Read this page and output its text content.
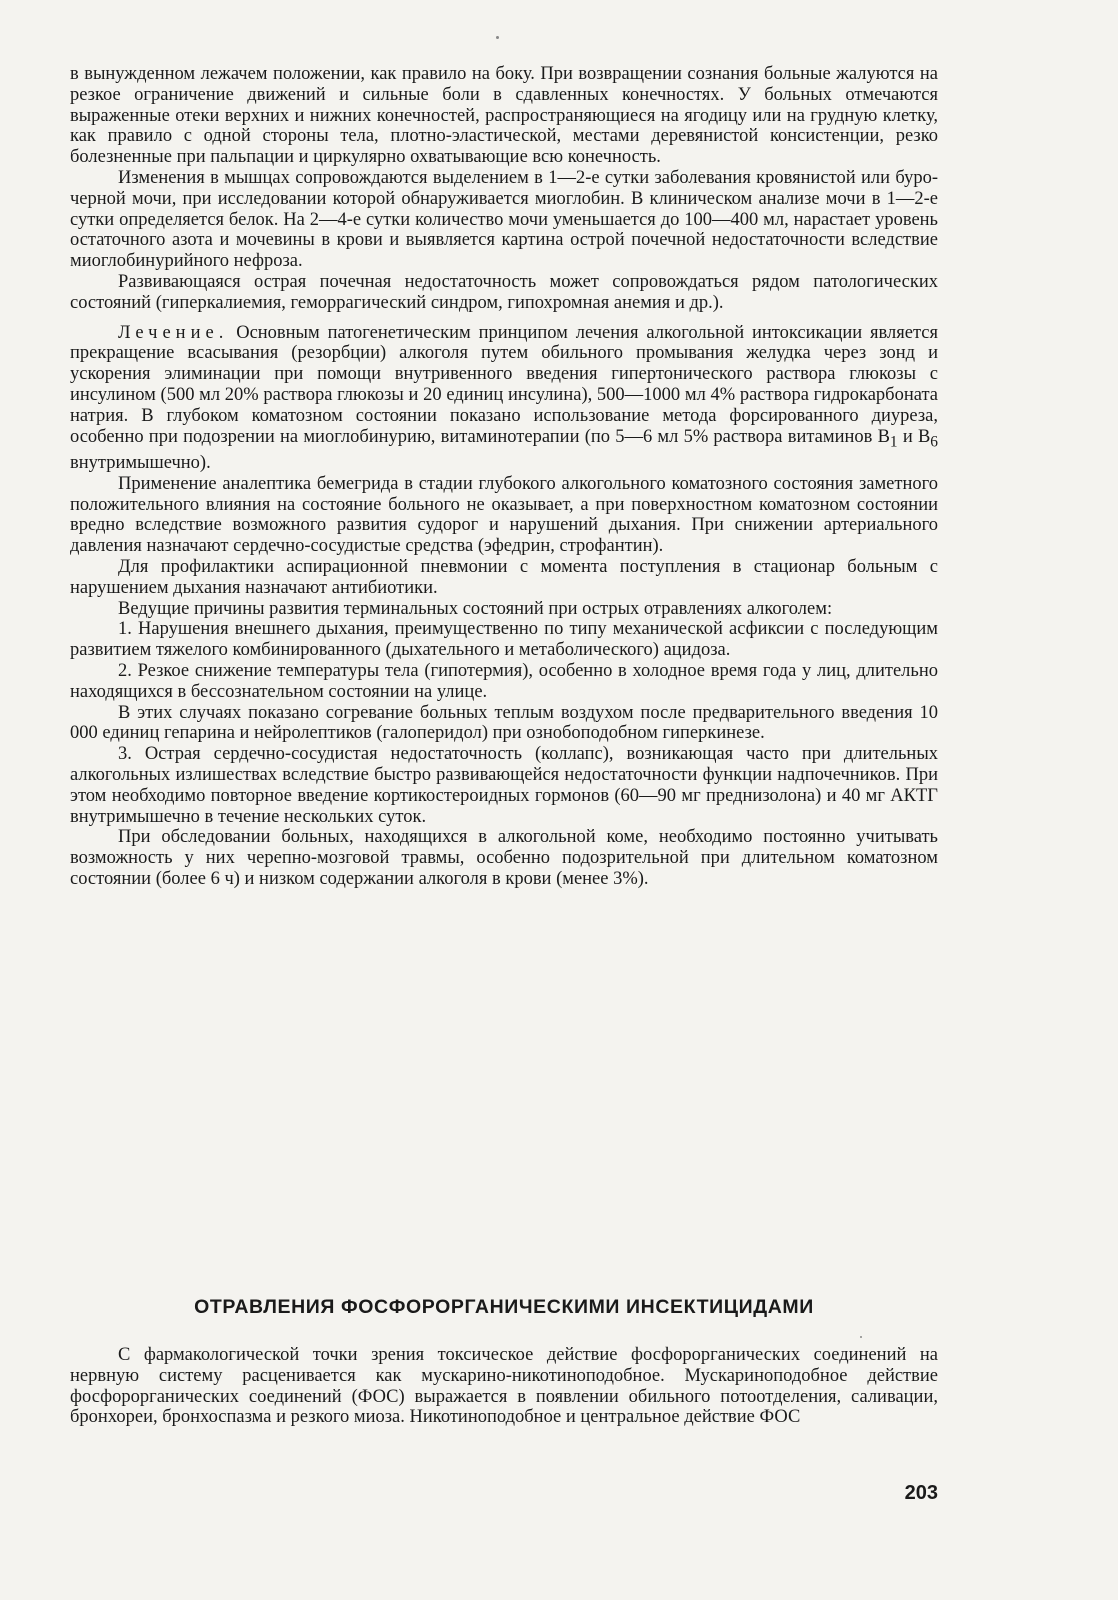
в вынужденном лежачем положении, как правило на боку. При возвращении сознания больные жалуются на резкое ограничение движений и сильные боли в сдавленных конечностях. У больных отмечаются выраженные отеки верхних и нижних конечностей, распространяющиеся на ягодицу или на грудную клетку, как правило с одной стороны тела, плотно-эластической, местами деревянистой консистенции, резко болезненные при пальпации и циркулярно охватывающие всю конечность.

Изменения в мышцах сопровождаются выделением в 1—2-е сутки заболевания кровянистой или буро-черной мочи, при исследовании которой обнаруживается миоглобин. В клиническом анализе мочи в 1—2-е сутки определяется белок. На 2—4-е сутки количество мочи уменьшается до 100—400 мл, нарастает уровень остаточного азота и мочевины в крови и выявляется картина острой почечной недостаточности вследствие миоглобинурийного нефроза.

Развивающаяся острая почечная недостаточность может сопровождаться рядом патологических состояний (гиперкалиемия, геморрагический синдром, гипохромная анемия и др.).

Лечение. Основным патогенетическим принципом лечения алкогольной интоксикации является прекращение всасывания (резорбции) алкоголя путем обильного промывания желудка через зонд и ускорения элиминации при помощи внутривенного введения гипертонического раствора глюкозы с инсулином (500 мл 20% раствора глюкозы и 20 единиц инсулина), 500—1000 мл 4% раствора гидрокарбоната натрия. В глубоком коматозном состоянии показано использование метода форсированного диуреза, особенно при подозрении на миоглобинурию, витаминотерапии (по 5—6 мл 5% раствора витаминов $B_1$ и $B_6$ внутримышечно).

Применение аналептика бемегрида в стадии глубокого алкогольного коматозного состояния заметного положительного влияния на состояние больного не оказывает, а при поверхностном коматозном состоянии вредно вследствие возможного развития судорог и нарушений дыхания. При снижении артериального давления назначают сердечно-сосудистые средства (эфедрин, строфантин).

Для профилактики аспирационной пневмонии с момента поступления в стационар больным с нарушением дыхания назначают антибиотики.

Ведущие причины развития терминальных состояний при острых отравлениях алкоголем:

1. Нарушения внешнего дыхания, преимущественно по типу механической асфиксии с последующим развитием тяжелого комбинированного (дыхательного и метаболического) ацидоза.

2. Резкое снижение температуры тела (гипотермия), особенно в холодное время года у лиц, длительно находящихся в бессознательном состоянии на улице.

В этих случаях показано согревание больных теплым воздухом после предварительного введения 10 000 единиц гепарина и нейролептиков (галоперидол) при ознобоподобном гиперкинезе.

3. Острая сердечно-сосудистая недостаточность (коллапс), возникающая часто при длительных алкогольных излишествах вследствие быстро развивающейся недостаточности функции надпочечников. При этом необходимо повторное введение кортикостероидных гормонов (60—90 мг преднизолона) и 40 мг АКТГ внутримышечно в течение нескольких суток.

При обследовании больных, находящихся в алкогольной коме, необходимо постоянно учитывать возможность у них черепно-мозговой травмы, особенно подозрительной при длительном коматозном состоянии (более 6 ч) и низком содержании алкоголя в крови (менее 3%).

ОТРАВЛЕНИЯ ФОСФОРОРГАНИЧЕСКИМИ ИНСЕКТИЦИДАМИ

С фармакологической точки зрения токсическое действие фосфорорганических соединений на нервную систему расценивается как мускарино-никотиноподобное. Мускариноподобное действие фосфорорганических соединений (ФОС) выражается в появлении обильного потоотделения, саливации, бронхореи, бронхоспазма и резкого миоза. Никотиноподобное и центральное действие ФОС

203
